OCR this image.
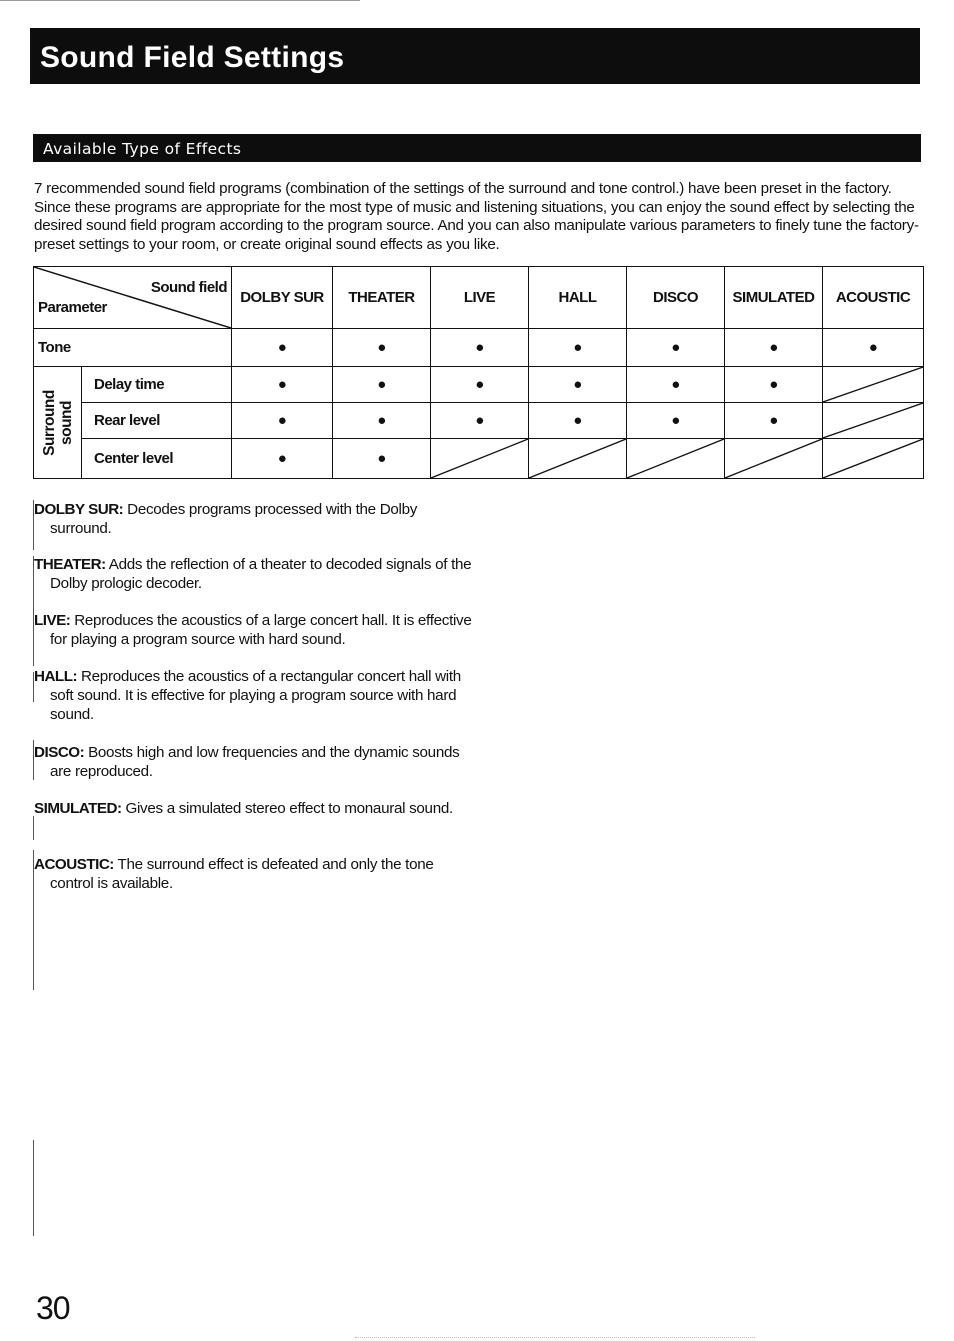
Sound Field Settings
Available Type of Effects

7 recommended sound field programs (combination of the settings of the surround and tone control.) have been preset in the factory. Since these programs are appropriate for the most type of music and listening situations, you can enjoy the sound effect by selecting the desired sound field program according to the program source. And you can also manipulate various parameters to finely tune the factory-preset settings to your room, or create original sound effects as you like.

Sound field
Parameter		DOLBY SUR	THEATER	LIVE	HALL	DISCO	SIMULATED	ACOUSTIC
Tone		●	●	●	●	●	●	●

Surround
sound	Delay time	●	●	●	●	●	●	

	Rear level	●	●	●	●	●	●	

	Center level	●	●	

DOLBY SUR: Decodes programs processed with the Dolby surround.

THEATER: Adds the reflection of a theater to decoded signals of the Dolby prologic decoder.

LIVE: Reproduces the acoustics of a large concert hall. It is effective for playing a program source with hard sound.

HALL: Reproduces the acoustics of a rectangular concert hall with soft sound. It is effective for playing a program source with hard sound.

DISCO: Boosts high and low frequencies and the dynamic sounds are reproduced.

SIMULATED: Gives a simulated stereo effect to monaural sound.

ACOUSTIC: The surround effect is defeated and only the tone control is available.

30
